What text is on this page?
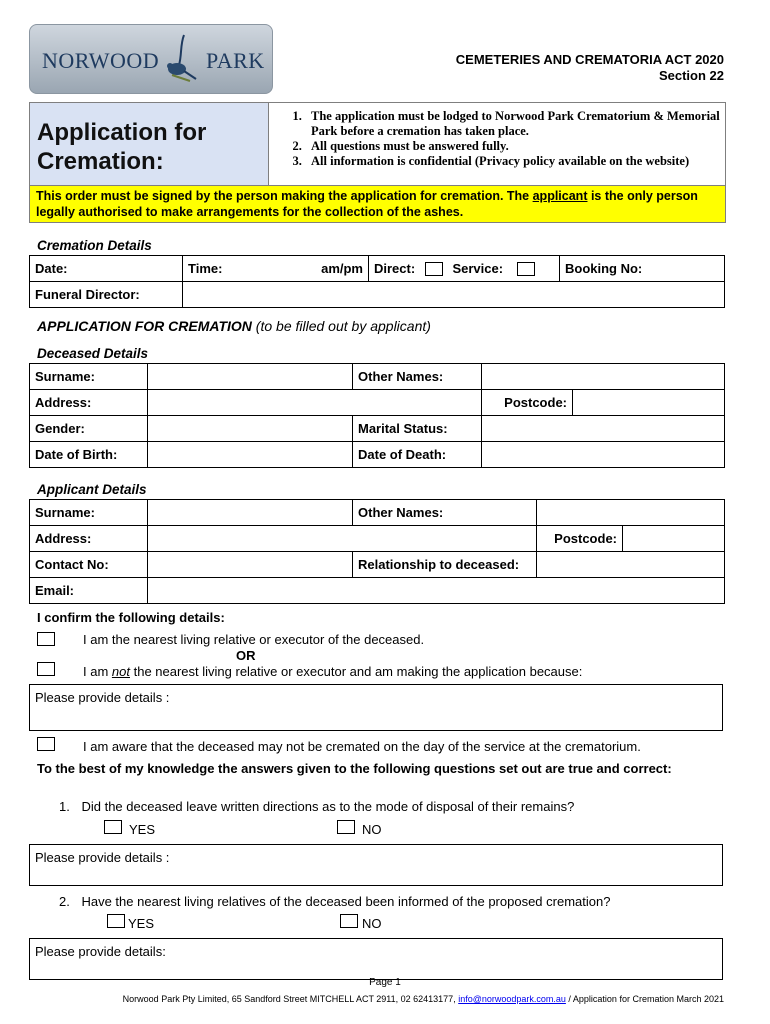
NORWOOD PARK	CEMETERIES AND CREMATORIA ACT 2020
Section 22
Application for
Cremation:
1. The application must be lodged to Norwood Park Crematorium & Memorial Park before a cremation has taken place.
2. All questions must be answered fully.
3. All information is confidential (Privacy policy available on the website)
This order must be signed by the person making the application for cremation. The applicant is the only person legally authorised to make arrangements for the collection of the ashes.
Cremation Details
Date:	Time: am/pm	Direct: Service:	Booking No:
Funeral Director:			
APPLICATION FOR CREMATION (to be filled out by applicant)
Deceased Details
Surname:		Other Names:		
Address:			Postcode:	
Gender:		Marital Status:		
Date of Birth:		Date of Death:		
Applicant Details
Surname:		Other Names:		
Address:			Postcode:	
Contact No:		Relationship to deceased:		
Email:				
I confirm the following details:
I am the nearest living relative or executor of the deceased.
OR
I am not the nearest living relative or executor and am making the application because:
Please provide details :
I am aware that the deceased may not be cremated on the day of the service at the crematorium.
To the best of my knowledge the answers given to the following questions set out are true and correct:
1. Did the deceased leave written directions as to the mode of disposal of their remains?
YES	NO
Please provide details :
2. Have the nearest living relatives of the deceased been informed of the proposed cremation?
YES	NO
Please provide details:
Page 1
Norwood Park Pty Limited, 65 Sandford Street MITCHELL ACT 2911, 02 62413177, info@norwoodpark.com.au / Application for Cremation March 2021
